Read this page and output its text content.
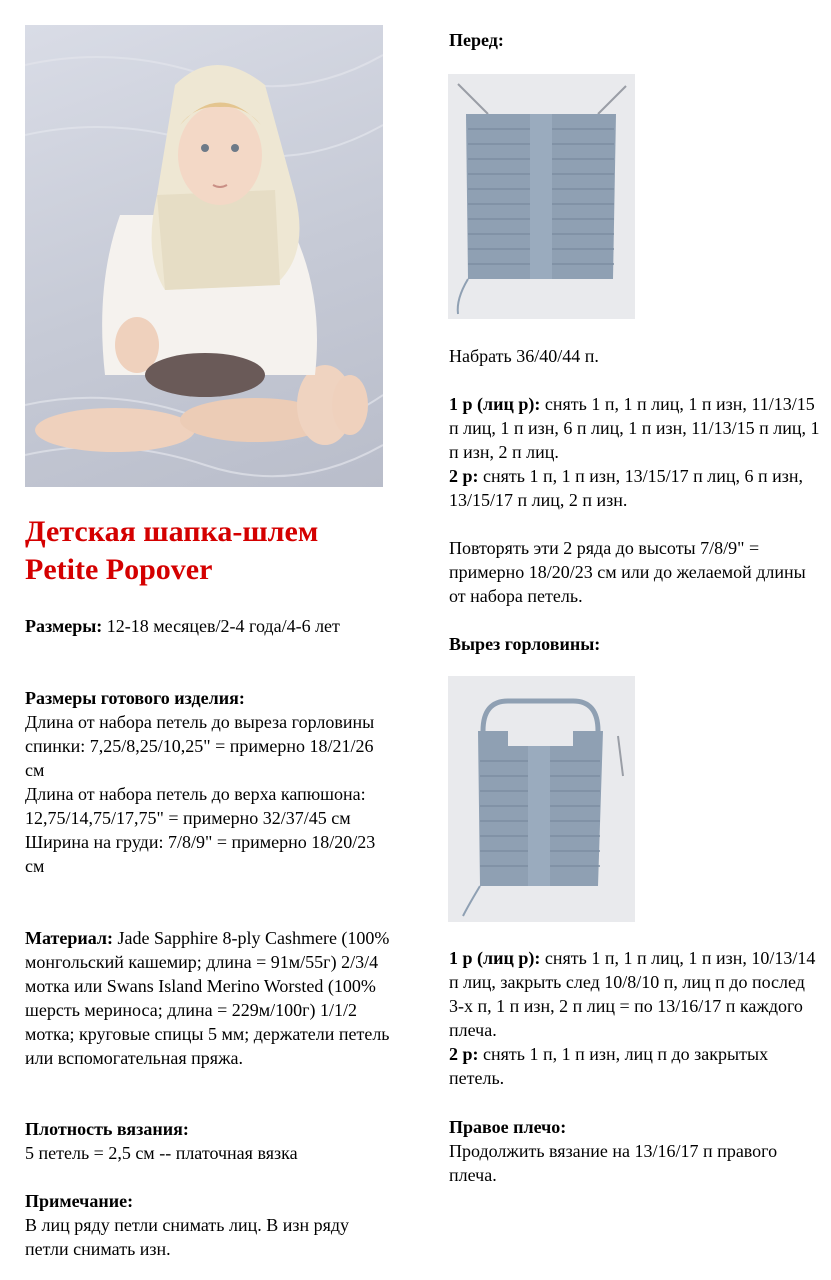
Детская шапка-шлем
Petite Popover

Размеры: 12-18 месяцев/2-4 года/4-6 лет

Размеры готового изделия:

Длина от набора петель до выреза горловины спинки: 7,25/8,25/10,25" = примерно 18/21/26 см

Длина от набора петель до верха капюшона: 12,75/14,75/17,75" = примерно 32/37/45 см

Ширина на груди: 7/8/9" = примерно 18/20/23 см

Материал: Jade Sapphire 8-ply Cashmere (100% монгольский кашемир; длина = 91м/55г) 2/3/4 мотка или Swans Island Merino Worsted (100% шерсть мериноса; длина = 229м/100г) 1/1/2 мотка; круговые спицы 5 мм; держатели петель или вспомогательная пряжа.

Плотность вязания:

5 петель = 2,5 см -- платочная вязка

Примечание:

В лиц ряду петли снимать лиц. В изн ряду петли снимать изн.

Перед:

Набрать 36/40/44 п.

1 р (лиц р): снять 1 п, 1 п лиц, 1 п изн, 11/13/15 п лиц, 1 п изн, 6 п лиц, 1 п изн, 11/13/15 п лиц, 1 п изн, 2 п лиц.

2 р: снять 1 п, 1 п изн, 13/15/17 п лиц, 6 п изн, 13/15/17 п лиц, 2 п изн.

Повторять эти 2 ряда до высоты 7/8/9" = примерно 18/20/23 см или до желаемой длины от набора петель.

Вырез горловины:

1 р (лиц р): снять 1 п, 1 п лиц, 1 п изн, 10/13/14 п лиц, закрыть след 10/8/10 п, лиц п до послед 3-х п, 1 п изн, 2 п лиц = по 13/16/17 п каждого плеча.

2 р: снять 1 п, 1 п изн, лиц п до закрытых петель.

Правое плечо:

Продолжить вязание на 13/16/17 п правого плеча.
